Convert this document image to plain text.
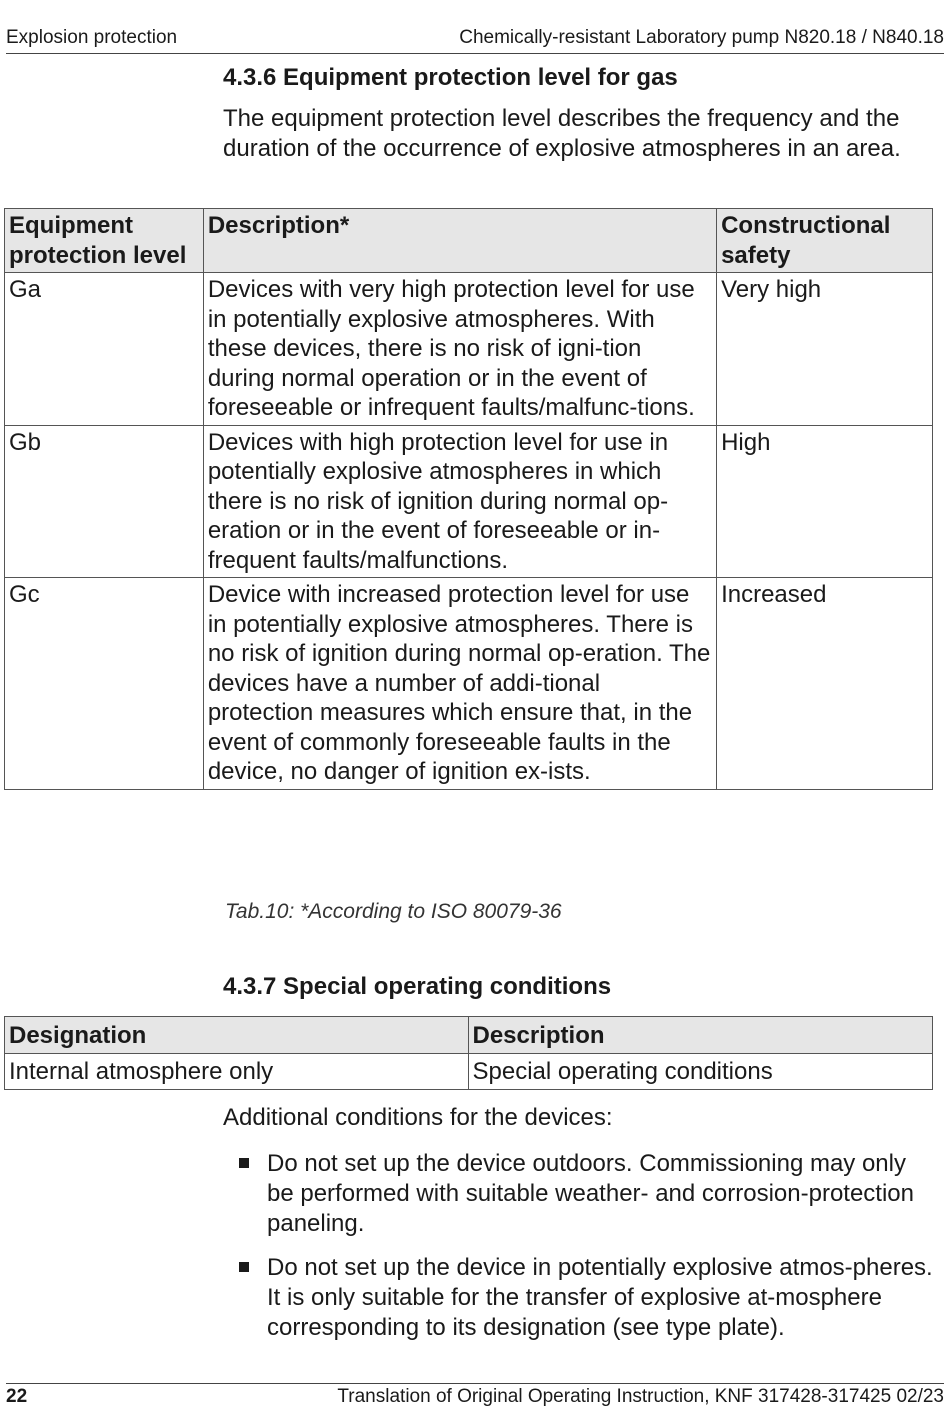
Explosion protection	Chemically-resistant Laboratory pump N820.18 / N840.18
4.3.6 Equipment protection level for gas

The equipment protection level describes the frequency and the duration of the occurrence of explosive atmospheres in an area.

Equipment protection level	Description*	Constructional safety
Ga	Devices with very high protection level for use in potentially explosive atmospheres. With these devices, there is no risk of igni-tion during normal operation or in the event of foreseeable or infrequent faults/malfunc-tions.	Very high
Gb	Devices with high protection level for use in potentially explosive atmospheres in which there is no risk of ignition during normal op-eration or in the event of foreseeable or in-frequent faults/malfunctions.	High
Gc	Device with increased protection level for use in potentially explosive atmospheres. There is no risk of ignition during normal op-eration. The devices have a number of addi-tional protection measures which ensure that, in the event of commonly foreseeable faults in the device, no danger of ignition ex-ists.	Increased
Tab.10: *According to ISO 80079-36
4.3.7 Special operating conditions
Designation	Description
Internal atmosphere only	Special operating conditions

Additional conditions for the devices:

Do not set up the device outdoors. Commissioning may only be performed with suitable weather- and corrosion-protection paneling.
Do not set up the device in potentially explosive atmos-pheres. It is only suitable for the transfer of explosive at-mosphere corresponding to its designation (see type plate).
22	Translation of Original Operating Instruction, KNF 317428-317425 02/23
